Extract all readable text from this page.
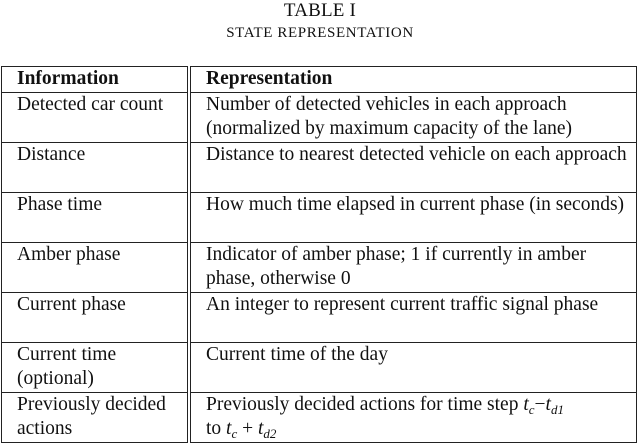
TABLE I
STATE REPRESENTATION
Information	Representation
Detected car count	Number of detected vehicles in each approach (normalized by maximum capacity of the lane)
Distance	Distance to nearest detected vehicle on each approach
Phase time	How much time elapsed in current phase (in seconds)
Amber phase	Indicator of amber phase; 1 if currently in amber phase, otherwise 0
Current phase	An integer to represent current traffic signal phase
Current time (optional)	Current time of the day
Previously decided actions	Previously decided actions for time step $t_c-t_{d1}$
to $t_c + t_{d2}$
